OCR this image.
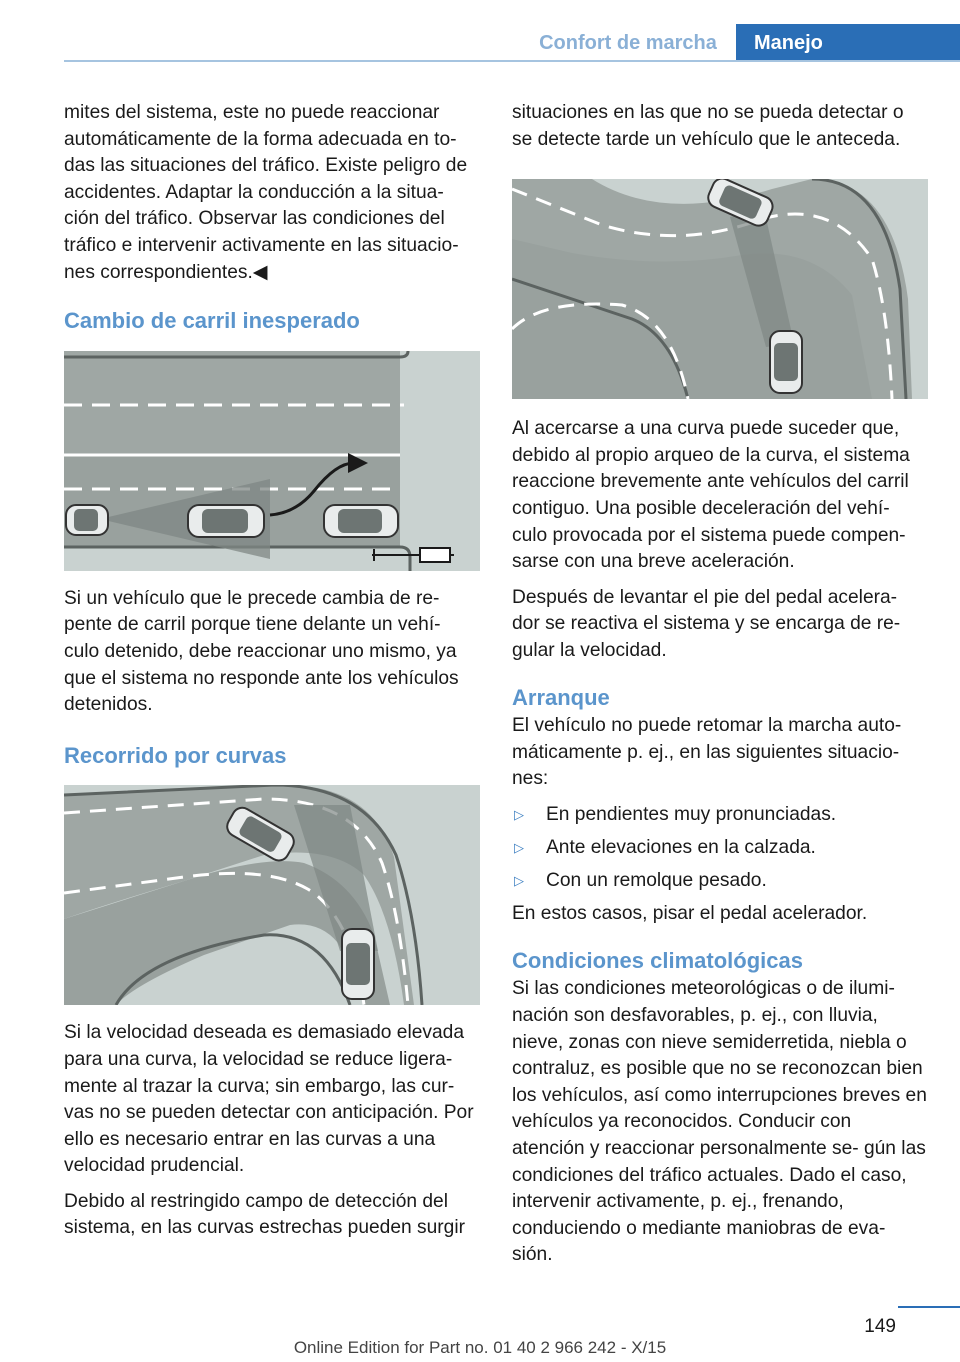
Confort de marcha	Manejo

mites del sistema, este no puede reaccionar automáticamente de la forma adecuada en to- das las situaciones del tráfico. Existe peligro de accidentes. Adaptar la conducción a la situa- ción del tráfico. Observar las condiciones del tráfico e intervenir activamente en las situacio- nes correspondientes.◀

Cambio de carril inesperado

Si un vehículo que le precede cambia de re- pente de carril porque tiene delante un vehí- culo detenido, debe reaccionar uno mismo, ya que el sistema no responde ante los vehículos detenidos.

Recorrido por curvas

Si la velocidad deseada es demasiado elevada para una curva, la velocidad se reduce ligera- mente al trazar la curva; sin embargo, las cur- vas no se pueden detectar con anticipación. Por ello es necesario entrar en las curvas a una velocidad prudencial.

Debido al restringido campo de detección del sistema, en las curvas estrechas pueden surgir

situaciones en las que no se pueda detectar o se detecte tarde un vehículo que le anteceda.

Al acercarse a una curva puede suceder que, debido al propio arqueo de la curva, el sistema reaccione brevemente ante vehículos del carril contiguo. Una posible deceleración del vehí- culo provocada por el sistema puede compen- sarse con una breve aceleración.

Después de levantar el pie del pedal acelera- dor se reactiva el sistema y se encarga de re- gular la velocidad.

Arranque

El vehículo no puede retomar la marcha auto- máticamente p. ej., en las siguientes situacio- nes:

▷ En pendientes muy pronunciadas.
▷ Ante elevaciones en la calzada.
▷ Con un remolque pesado.

En estos casos, pisar el pedal acelerador.

Condiciones climatológicas

Si las condiciones meteorológicas o de ilumi- nación son desfavorables, p. ej., con lluvia, nieve, zonas con nieve semiderretida, niebla o contraluz, es posible que no se reconozcan bien los vehículos, así como interrupciones breves en vehículos ya reconocidos. Conducir con atención y reaccionar personalmente se- gún las condiciones del tráfico actuales. Dado el caso, intervenir activamente, p. ej., frenando, conduciendo o mediante maniobras de eva- sión.

149
Online Edition for Part no. 01 40 2 966 242 - X/15
